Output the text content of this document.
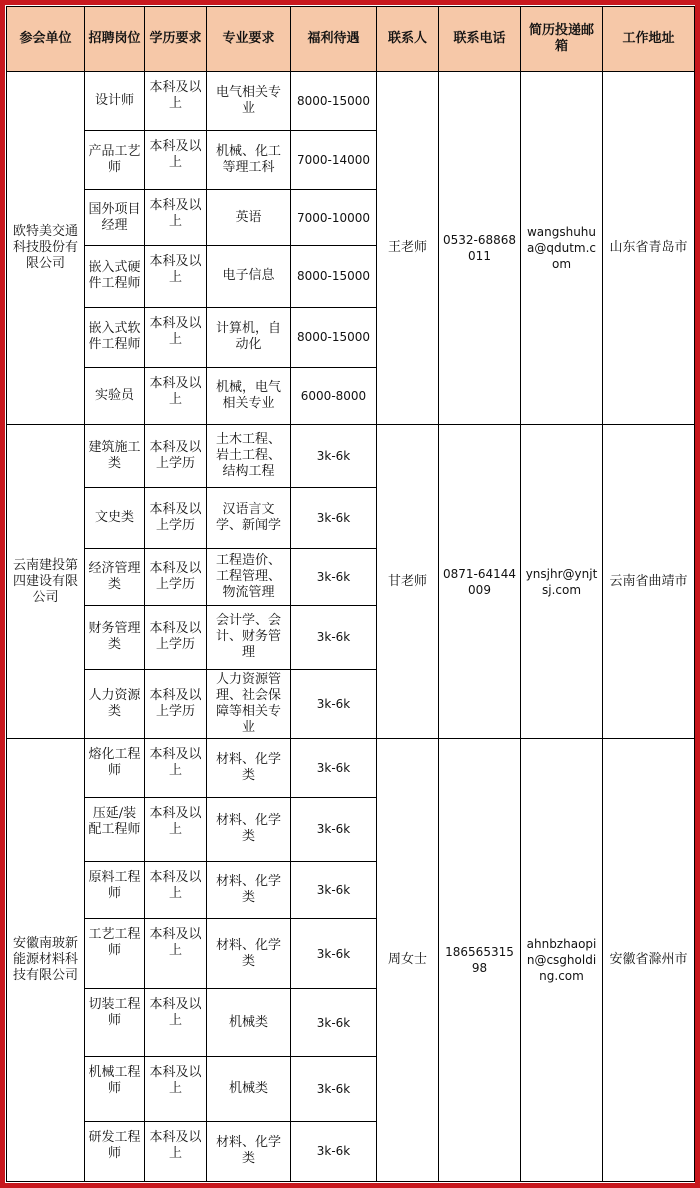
参会单位	招聘岗位	学历要求	专业要求	福利待遇	联系人	联系电话	简历投递邮箱	工作地址
欧特美交通科技股份有限公司	设计师	本科及以上	电气相关专业	8000-15000	王老师	0532-68868011	wangshuhua@qdutm.com	山东省青岛市
	产品工艺师	本科及以上	机械、化工等理工科	7000-14000				
	国外项目经理	本科及以上	英语	7000-10000				
	嵌入式硬件工程师	本科及以上	电子信息	8000-15000				
	嵌入式软件工程师	本科及以上	计算机，自动化	8000-15000				
	实验员	本科及以上	机械，电气相关专业	6000-8000				
云南建投第四建设有限公司	建筑施工类	本科及以上学历	土木工程、岩土工程、结构工程	3k-6k	甘老师	0871-64144009	ynsjhr@ynjtsj.com	云南省曲靖市
	文史类	本科及以上学历	汉语言文学、新闻学	3k-6k				
	经济管理类	本科及以上学历	工程造价、工程管理、物流管理	3k-6k				
	财务管理类	本科及以上学历	会计学、会计、财务管理	3k-6k				
	人力资源类	本科及以上学历	人力资源管理、社会保障等相关专业	3k-6k				
安徽南玻新能源材料科技有限公司	熔化工程师	本科及以上	材料、化学类	3k-6k	周女士	18656531598	ahnbzhaopin@csgholding.com	安徽省滁州市
	压延/装配工程师	本科及以上	材料、化学类	3k-6k				
	原料工程师	本科及以上	材料、化学类	3k-6k				
	工艺工程师	本科及以上	材料、化学类	3k-6k				
	切装工程师	本科及以上	机械类	3k-6k				
	机械工程师	本科及以上	机械类	3k-6k				
	研发工程师	本科及以上	材料、化学类	3k-6k				
